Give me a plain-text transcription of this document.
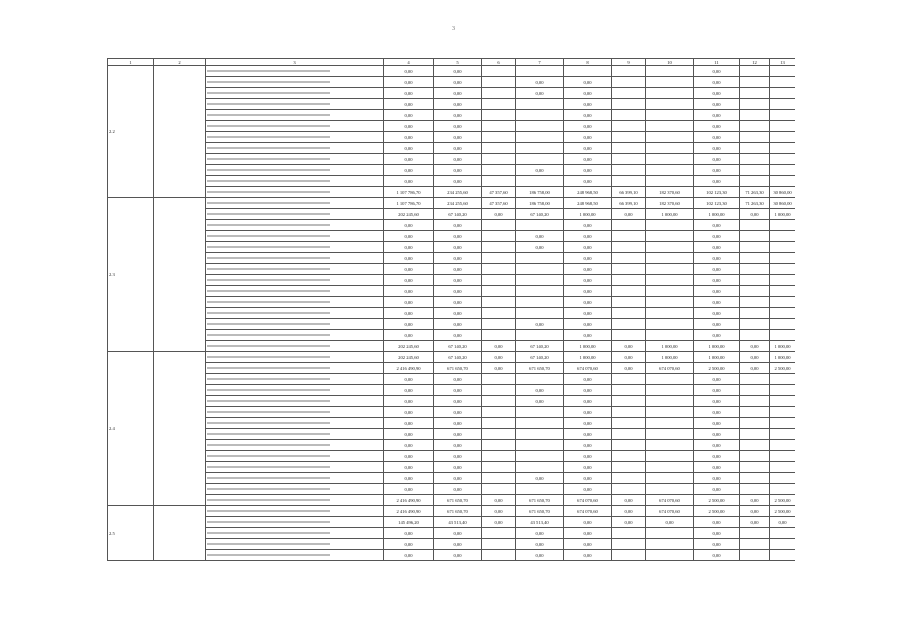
3
1	2	3	4	5	6	7	8	9	10	11	12	13
2.2			0,00	0,00						0,00		
			0,00	0,00		0,00	0,00			0,00		
			0,00	0,00		0,00	0,00			0,00		
			0,00	0,00			0,00			0,00		
			0,00	0,00			0,00			0,00		
			0,00	0,00			0,00			0,00		
			0,00	0,00			0,00			0,00		
			0,00	0,00			0,00			0,00		
			0,00	0,00			0,00			0,00		
			0,00	0,00		0,00	0,00			0,00		
			0,00	0,00			0,00			0,00		
			1 107 786,70	234 255,60	47 357,60	186 758,00	248 968,50	66 399,10	182 370,60	102 123,30	71 263,30	30 860,00
2.3			1 107 786,70	234 255,60	47 357,60	186 758,00	248 968,50	66 399,10	182 370,60	102 123,30	71 263,30	30 860,00
			202 245,60	67 140,20	0,00	67 140,20	1 000,00	0,00	1 000,00	1 000,00	0,00	1 000,00
			0,00	0,00			0,00			0,00		
			0,00	0,00		0,00	0,00			0,00		
			0,00	0,00		0,00	0,00			0,00		
			0,00	0,00			0,00			0,00		
			0,00	0,00			0,00			0,00		
			0,00	0,00			0,00			0,00		
			0,00	0,00			0,00			0,00		
			0,00	0,00			0,00			0,00		
			0,00	0,00			0,00			0,00		
			0,00	0,00		0,00	0,00			0,00		
			0,00	0,00			0,00			0,00		
			202 245,60	67 140,20	0,00	67 140,20	1 000,00	0,00	1 000,00	1 000,00	0,00	1 000,00
2.4			202 245,60	67 140,20	0,00	67 140,20	1 000,00	0,00	1 000,00	1 000,00	0,00	1 000,00
			2 416 490,90	671 650,70	0,00	671 650,70	674 070,60	0,00	674 070,60	2 500,00	0,00	2 500,00
			0,00	0,00			0,00			0,00		
			0,00	0,00		0,00	0,00			0,00		
			0,00	0,00		0,00	0,00			0,00		
			0,00	0,00			0,00			0,00		
			0,00	0,00			0,00			0,00		
			0,00	0,00			0,00			0,00		
			0,00	0,00			0,00			0,00		
			0,00	0,00			0,00			0,00		
			0,00	0,00			0,00			0,00		
			0,00	0,00		0,00	0,00			0,00		
			0,00	0,00			0,00			0,00		
			2 416 490,90	671 650,70	0,00	671 650,70	674 070,60	0,00	674 070,60	2 500,00	0,00	2 500,00
2.5			2 416 490,90	671 650,70	0,00	671 650,70	674 070,60	0,00	674 070,60	2 500,00	0,00	2 500,00
			145 496,20	43 513,40	0,00	43 513,40	0,00	0,00	0,00	0,00	0,00	0,00
			0,00	0,00		0,00	0,00			0,00		
			0,00	0,00		0,00	0,00			0,00		
			0,00	0,00		0,00	0,00			0,00		
